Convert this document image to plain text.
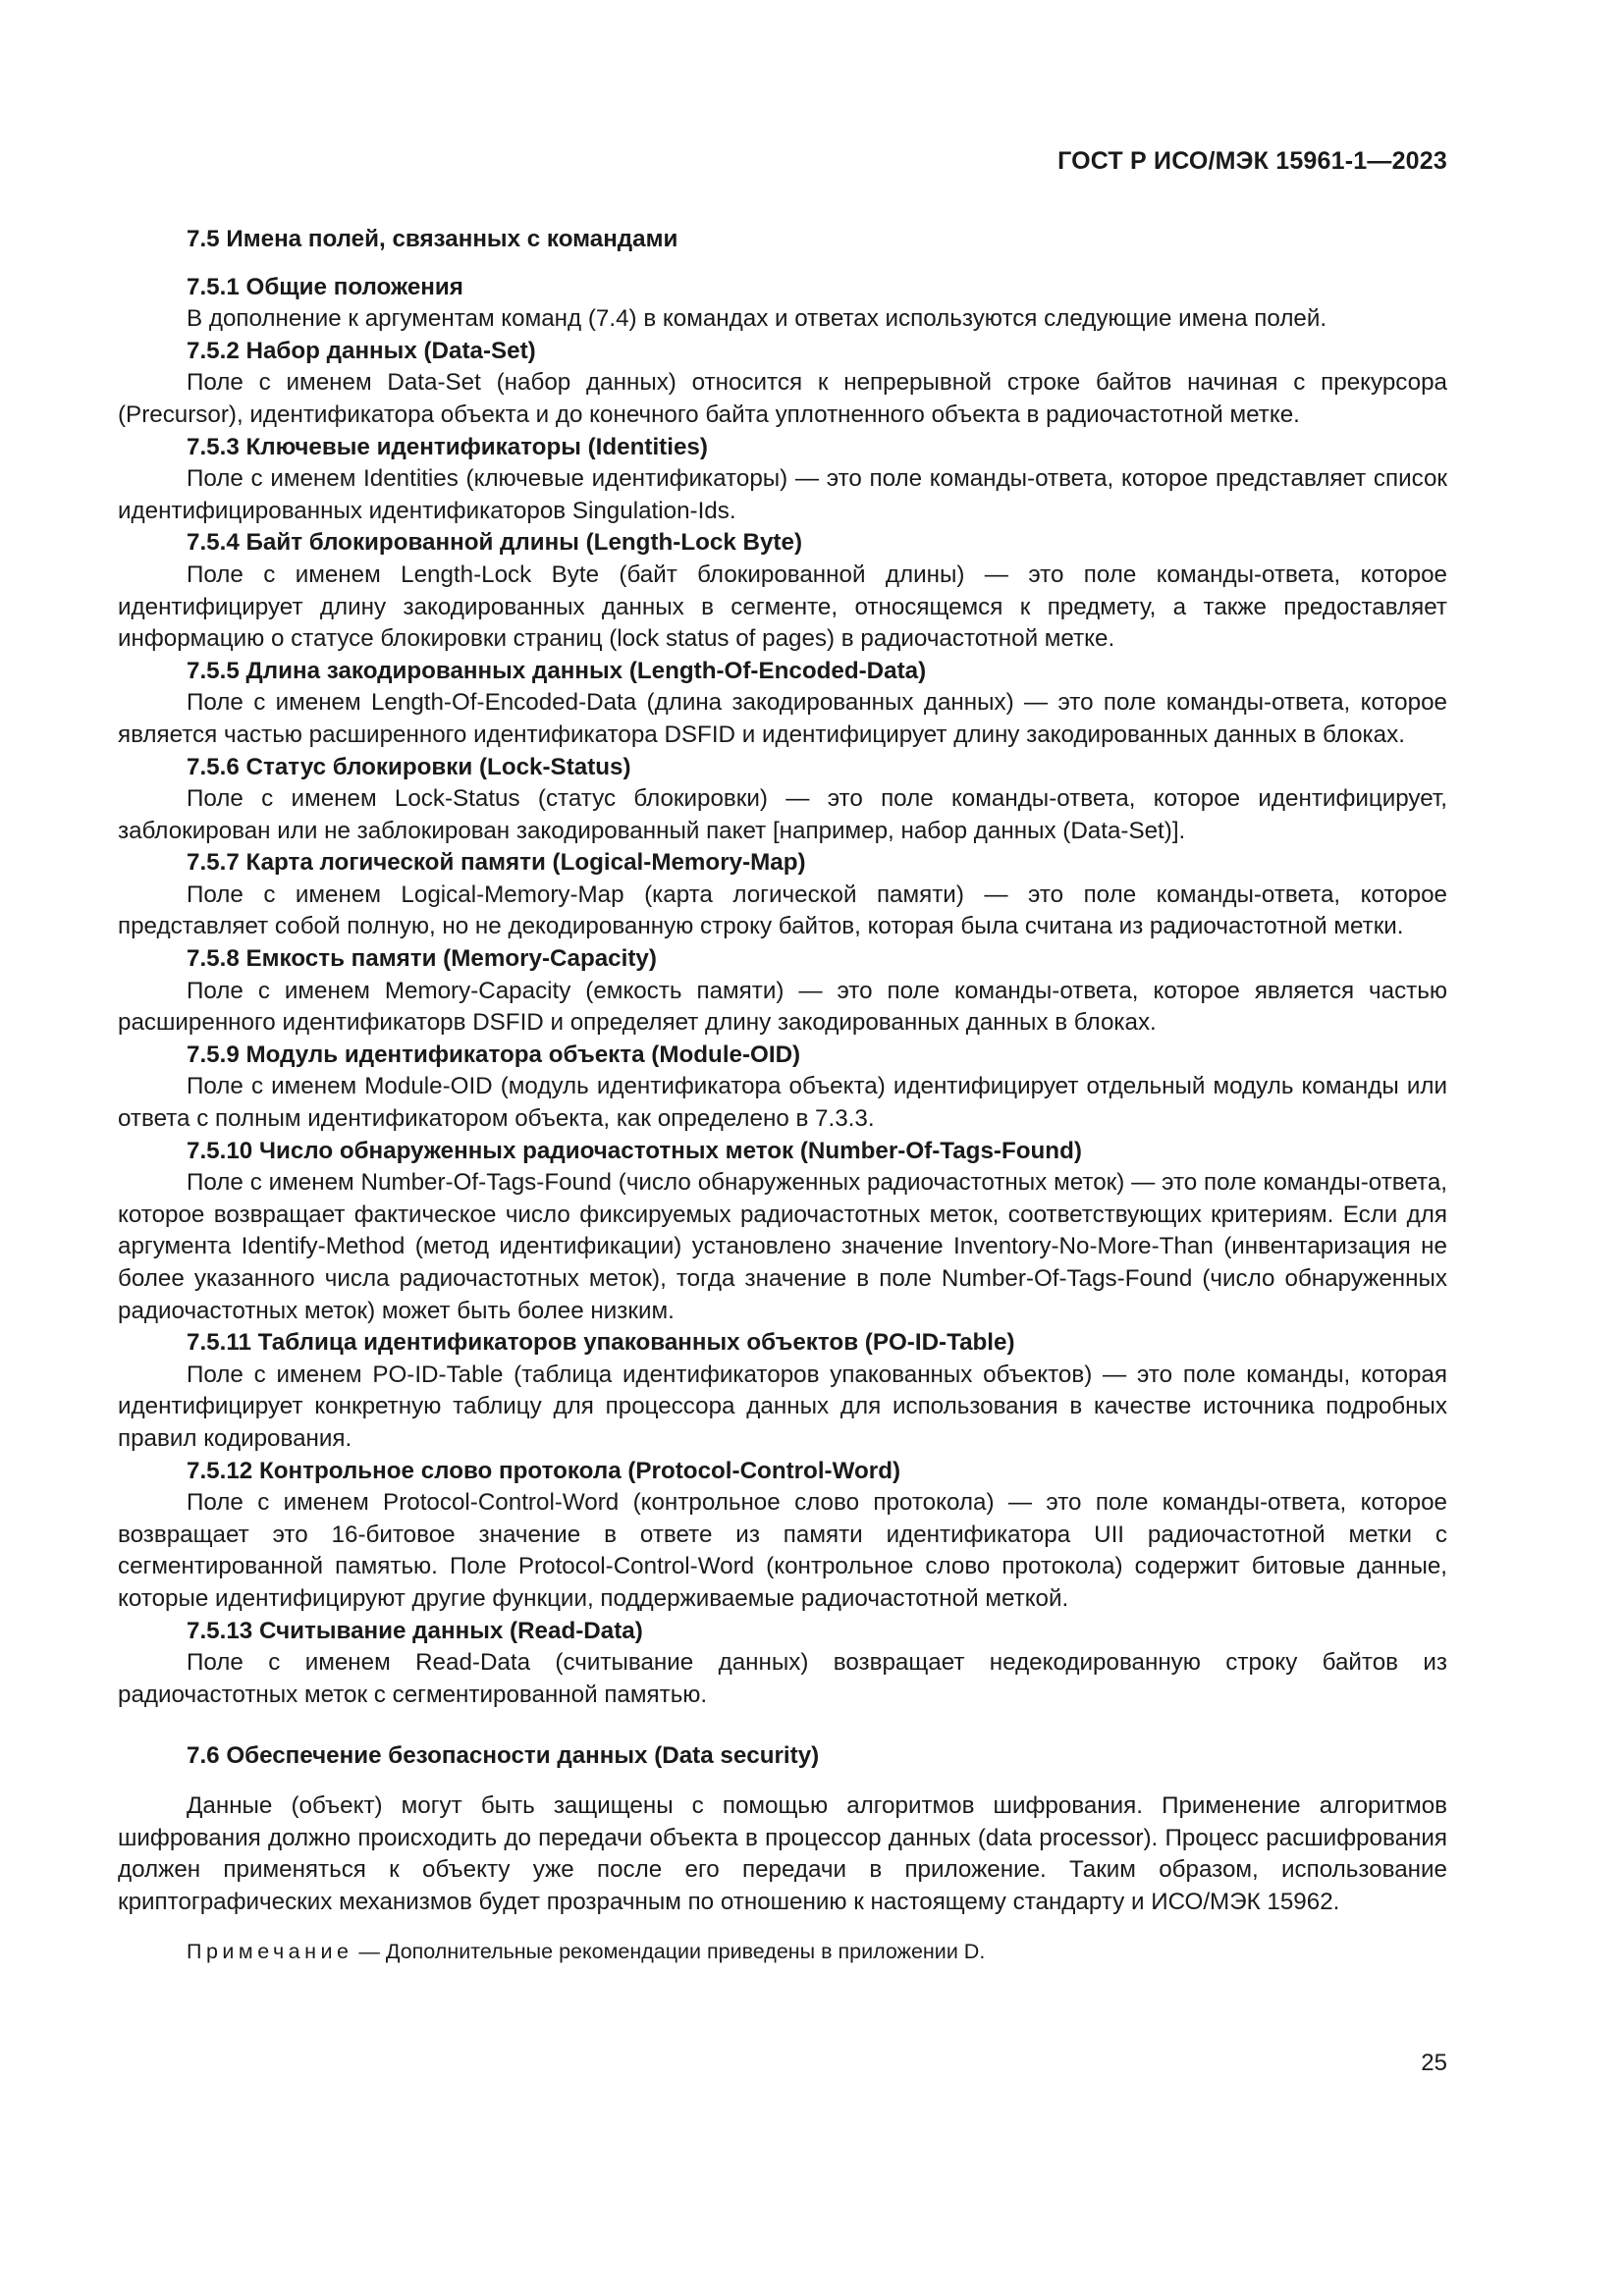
ГОСТ Р ИСО/МЭК 15961-1—2023

7.5 Имена полей, связанных с командами

7.5.1 Общие положения

В дополнение к аргументам команд (7.4) в командах и ответах используются следующие имена полей.

7.5.2 Набор данных (Data-Set)

Поле с именем Data-Set (набор данных) относится к непрерывной строке байтов начиная с прекурсора (Precursor), идентификатора объекта и до конечного байта уплотненного объекта в радиочастотной метке.

7.5.3 Ключевые идентификаторы (Identities)

Поле с именем Identities (ключевые идентификаторы) — это поле команды-ответа, которое представляет список идентифицированных идентификаторов Singulation-Ids.

7.5.4 Байт блокированной длины (Length-Lock Byte)

Поле с именем Length-Lock Byte (байт блокированной длины) — это поле команды-ответа, которое идентифицирует длину закодированных данных в сегменте, относящемся к предмету, а также предоставляет информацию о статусе блокировки страниц (lock status of pages) в радиочастотной метке.

7.5.5 Длина закодированных данных (Length-Of-Encoded-Data)

Поле с именем Length-Of-Encoded-Data (длина закодированных данных) — это поле команды-ответа, которое является частью расширенного идентификатора DSFID и идентифицирует длину закодированных данных в блоках.

7.5.6 Статус блокировки (Lock-Status)

Поле с именем Lock-Status (статус блокировки) — это поле команды-ответа, которое идентифицирует, заблокирован или не заблокирован закодированный пакет [например, набор данных (Data-Set)].

7.5.7 Карта логической памяти (Logical-Memory-Map)

Поле с именем Logical-Memory-Map (карта логической памяти) — это поле команды-ответа, которое представляет собой полную, но не декодированную строку байтов, которая была считана из радиочастотной метки.

7.5.8 Емкость памяти (Memory-Capacity)

Поле с именем Memory-Capacity (емкость памяти) — это поле команды-ответа, которое является частью расширенного идентификаторв DSFID и определяет длину закодированных данных в блоках.

7.5.9 Модуль идентификатора объекта (Module-OID)

Поле с именем Module-OID (модуль идентификатора объекта) идентифицирует отдельный модуль команды или ответа с полным идентификатором объекта, как определено в 7.3.3.

7.5.10 Число обнаруженных радиочастотных меток (Number-Of-Tags-Found)

Поле с именем Number-Of-Tags-Found (число обнаруженных радиочастотных меток) — это поле команды-ответа, которое возвращает фактическое число фиксируемых радиочастотных меток, соответствующих критериям. Если для аргумента Identify-Method (метод идентификации) установлено значение Inventory-No-More-Than (инвентаризация не более указанного числа радиочастотных меток), тогда значение в поле Number-Of-Tags-Found (число обнаруженных радиочастотных меток) может быть более низким.

7.5.11 Таблица идентификаторов упакованных объектов (PO-ID-Table)

Поле с именем PO-ID-Table (таблица идентификаторов упакованных объектов) — это поле команды, которая идентифицирует конкретную таблицу для процессора данных для использования в качестве источника подробных правил кодирования.

7.5.12 Контрольное слово протокола (Protocol-Control-Word)

Поле с именем Protocol-Control-Word (контрольное слово протокола) — это поле команды-ответа, которое возвращает это 16-битовое значение в ответе из памяти идентификатора UII радиочастотной метки с сегментированной памятью. Поле Protocol-Control-Word (контрольное слово протокола) содержит битовые данные, которые идентифицируют другие функции, поддерживаемые радиочастотной меткой.

7.5.13 Считывание данных (Read-Data)

Поле с именем Read-Data (считывание данных) возвращает недекодированную строку байтов из радиочастотных меток с сегментированной памятью.

7.6 Обеспечение безопасности данных (Data security)

Данные (объект) могут быть защищены с помощью алгоритмов шифрования. Применение алгоритмов шифрования должно происходить до передачи объекта в процессор данных (data processor). Процесс расшифрования должен применяться к объекту уже после его передачи в приложение. Таким образом, использование криптографических механизмов будет прозрачным по отношению к настоящему стандарту и ИСО/МЭК 15962.

Примечание — Дополнительные рекомендации приведены в приложении D.

25
